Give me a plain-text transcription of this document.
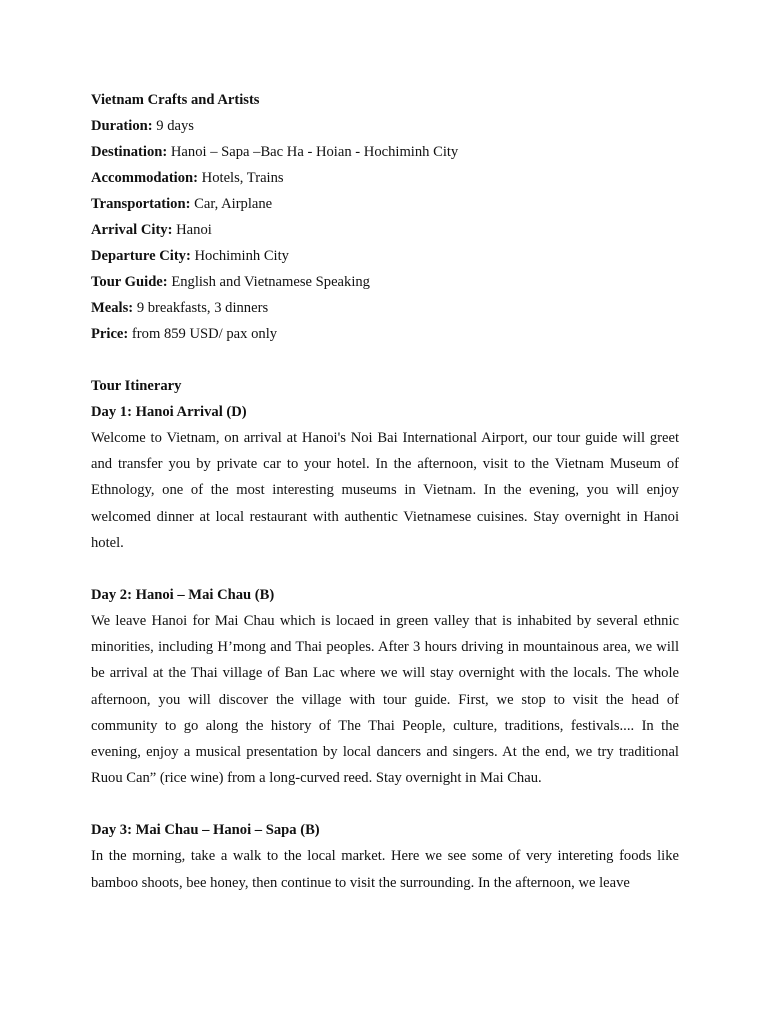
Vietnam Crafts and Artists
Duration: 9 days
Destination: Hanoi – Sapa –Bac Ha - Hoian - Hochiminh City
Accommodation: Hotels, Trains
Transportation: Car, Airplane
Arrival City: Hanoi
Departure City: Hochiminh City
Tour Guide: English and Vietnamese Speaking
Meals: 9 breakfasts, 3 dinners
Price: from 859 USD/ pax only
Tour Itinerary
Day 1: Hanoi Arrival (D)

Welcome to Vietnam, on arrival at Hanoi's Noi Bai International Airport, our tour guide will greet and transfer you by private car to your hotel. In the afternoon, visit to the Vietnam Museum of Ethnology, one of the most interesting museums in Vietnam. In the evening, you will enjoy welcomed dinner at local restaurant with authentic Vietnamese cuisines. Stay overnight in Hanoi hotel.

Day 2: Hanoi – Mai Chau (B)

We leave Hanoi for Mai Chau which is locaed in green valley that is inhabited by several ethnic minorities, including H’mong and Thai peoples. After 3 hours driving in mountainous area, we will be arrival at the Thai village of Ban Lac where we will stay overnight with the locals. The whole afternoon, you will discover the village with tour guide. First, we stop to visit the head of community to go along the history of The Thai People, culture, traditions, festivals.... In the evening, enjoy a musical presentation by local dancers and singers. At the end, we try traditional Ruou Can” (rice wine) from a long-curved reed. Stay overnight in Mai Chau.

Day 3: Mai Chau – Hanoi – Sapa (B)

In the morning, take a walk to the local market. Here we see some of very intereting foods like bamboo shoots, bee honey, then continue to visit the surrounding. In the afternoon, we leave
